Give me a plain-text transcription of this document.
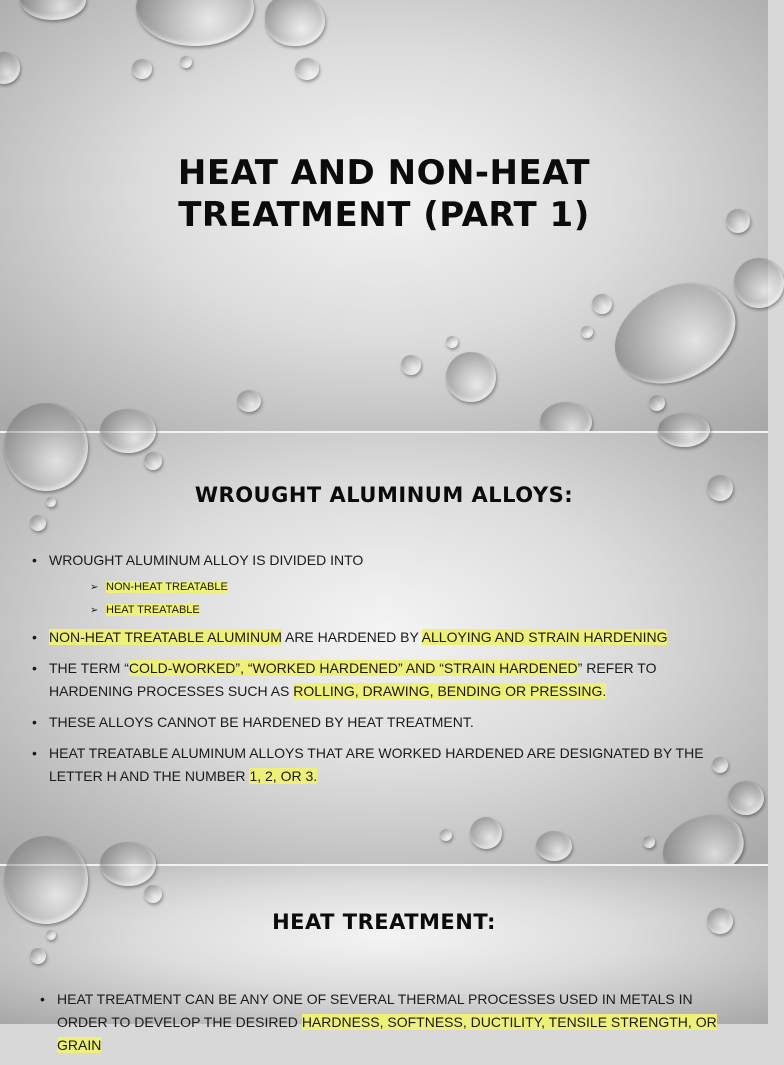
HEAT AND NON-HEAT
TREATMENT (PART 1)
WROUGHT ALUMINUM ALLOYS:
• WROUGHT ALUMINUM ALLOY IS DIVIDED INTO
➢ NON-HEAT TREATABLE
➢ HEAT TREATABLE
• NON-HEAT TREATABLE ALUMINUM ARE HARDENED BY ALLOYING AND STRAIN HARDENING
• THE TERM “COLD-WORKED”, “WORKED HARDENED” AND “STRAIN HARDENED” REFER TO HARDENING PROCESSES SUCH AS ROLLING, DRAWING, BENDING OR PRESSING.
• THESE ALLOYS CANNOT BE HARDENED BY HEAT TREATMENT.
• HEAT TREATABLE ALUMINUM ALLOYS THAT ARE WORKED HARDENED ARE DESIGNATED BY THE LETTER H AND THE NUMBER 1, 2, OR 3.
HEAT TREATMENT:
• HEAT TREATMENT CAN BE ANY ONE OF SEVERAL THERMAL PROCESSES USED IN METALS IN ORDER TO DEVELOP THE DESIRED HARDNESS, SOFTNESS, DUCTILITY, TENSILE STRENGTH, OR GRAIN
